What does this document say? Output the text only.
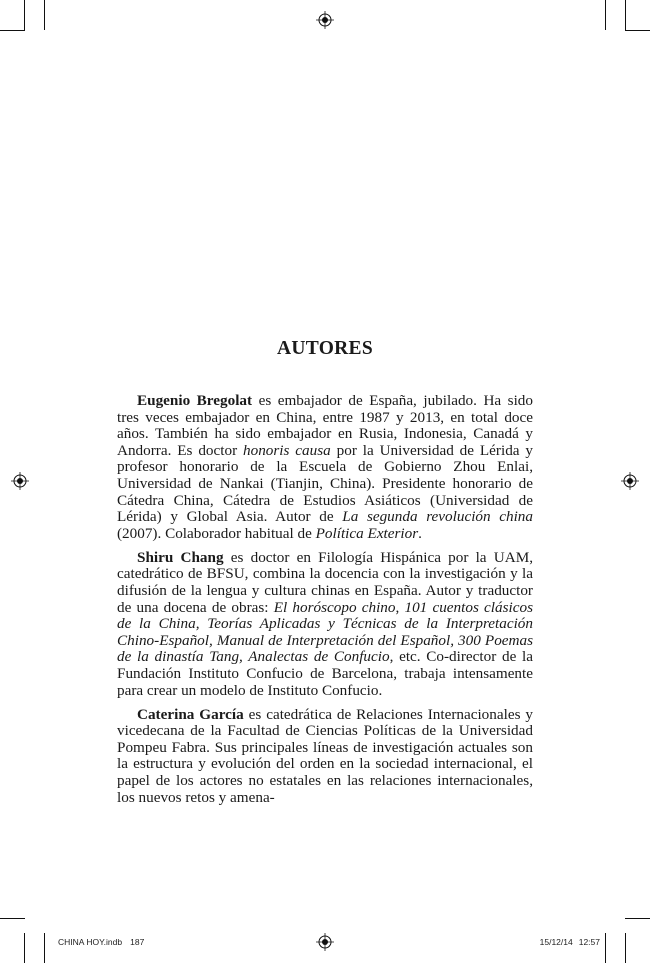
AUTORES

Eugenio Bregolat es embajador de España, jubilado. Ha sido tres veces embajador en China, entre 1987 y 2013, en total doce años. También ha sido embajador en Rusia, Indonesia, Canadá y Andorra. Es doctor honoris causa por la Universidad de Lérida y profesor honorario de la Escuela de Gobierno Zhou Enlai, Universidad de Nankai (Tianjin, China). Presidente honorario de Cátedra China, Cátedra de Estudios Asiáticos (Universidad de Lérida) y Global Asia. Autor de La segunda revolución china (2007). Colaborador habitual de Política Exterior.

Shiru Chang es doctor en Filología Hispánica por la UAM, catedrático de BFSU, combina la docencia con la investigación y la difusión de la lengua y cultura chinas en España. Autor y traductor de una docena de obras: El horóscopo chino, 101 cuentos clásicos de la China, Teorías Aplicadas y Técnicas de la Interpretación Chino-Español, Manual de Interpretación del Español, 300 Poemas de la dinastía Tang, Analectas de Confucio, etc. Co-director de la Fundación Instituto Confucio de Barcelona, trabaja intensamente para crear un modelo de Instituto Confucio.

Caterina García es catedrática de Relaciones Internacionales y vicedecana de la Facultad de Ciencias Políticas de la Universidad Pompeu Fabra. Sus principales líneas de investigación actuales son la estructura y evolución del orden en la sociedad internacional, el papel de los actores no estatales en las relaciones internacionales, los nuevos retos y amena-

CHINA HOY.indb 187	15/12/14 12:57
